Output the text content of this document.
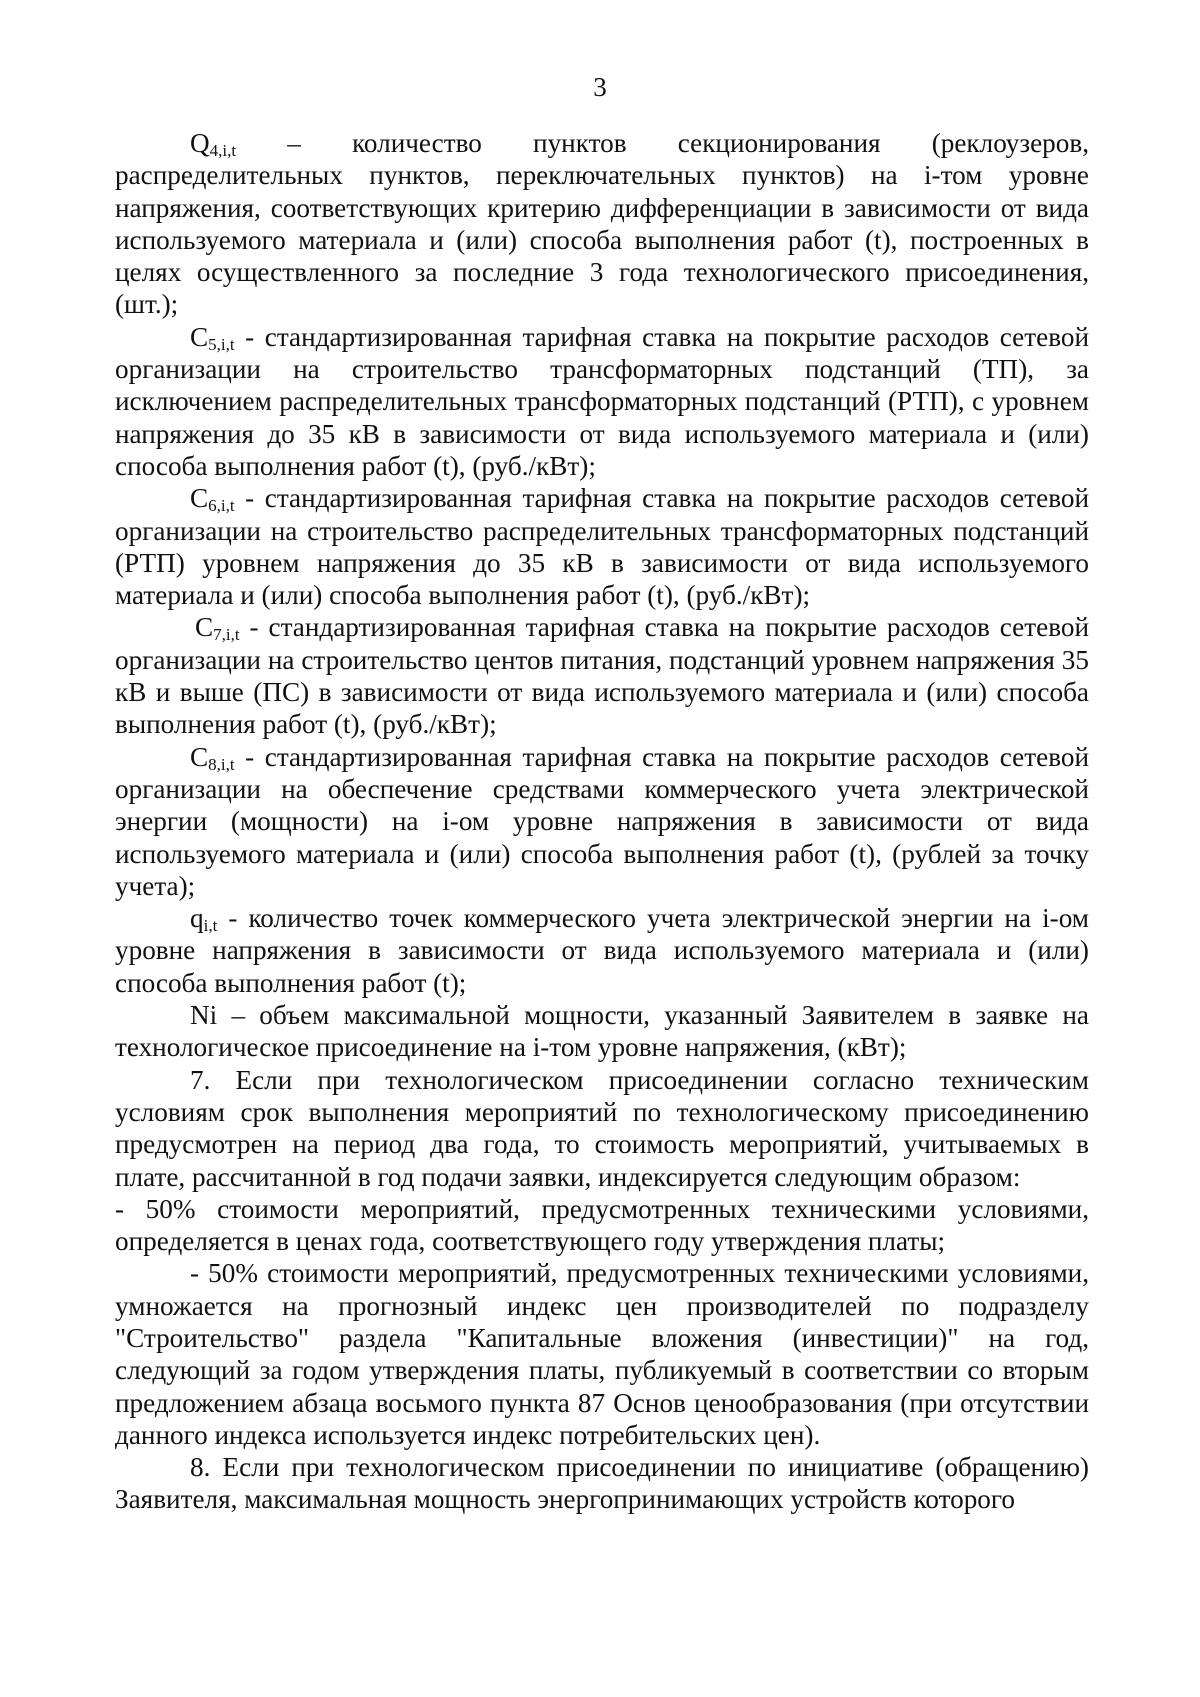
3

$Q_{4,i,t}$ – количество пунктов секционирования (реклоузеров, распределительных пунктов, переключательных пунктов) на i-том уровне напряжения, соответствующих критерию дифференциации в зависимости от вида используемого материала и (или) способа выполнения работ (t), построенных в целях осуществленного за последние 3 года технологического присоединения, (шт.);

$C_{5,i,t}$ - стандартизированная тарифная ставка на покрытие расходов сетевой организации на строительство трансформаторных подстанций (ТП), за исключением распределительных трансформаторных подстанций (РТП), с уровнем напряжения до 35 кВ в зависимости от вида используемого материала и (или) способа выполнения работ (t), (руб./кВт);

$C_{6,i,t}$ - стандартизированная тарифная ставка на покрытие расходов сетевой организации на строительство распределительных трансформаторных подстанций (РТП) уровнем напряжения до 35 кВ в зависимости от вида используемого материала и (или) способа выполнения работ (t), (руб./кВт);

$C_{7,i,t}$ - стандартизированная тарифная ставка на покрытие расходов сетевой организации на строительство центов питания, подстанций уровнем напряжения 35 кВ и выше (ПС) в зависимости от вида используемого материала и (или) способа выполнения работ (t), (руб./кВт);

$C_{8,i,t}$ - стандартизированная тарифная ставка на покрытие расходов сетевой организации на обеспечение средствами коммерческого учета электрической энергии (мощности) на i-ом уровне напряжения в зависимости от вида используемого материала и (или) способа выполнения работ (t), (рублей за точку учета);

$q_{i,t}$ - количество точек коммерческого учета электрической энергии на i-ом уровне напряжения в зависимости от вида используемого материала и (или) способа выполнения работ (t);

Ni – объем максимальной мощности, указанный Заявителем в заявке на технологическое присоединение на i-том уровне напряжения, (кВт);

7. Если при технологическом присоединении согласно техническим условиям срок выполнения мероприятий по технологическому присоединению предусмотрен на период два года, то стоимость мероприятий, учитываемых в плате, рассчитанной в год подачи заявки, индексируется следующим образом:

- 50% стоимости мероприятий, предусмотренных техническими условиями, определяется в ценах года, соответствующего году утверждения платы;

- 50% стоимости мероприятий, предусмотренных техническими условиями, умножается на прогнозный индекс цен производителей по подразделу "Строительство" раздела "Капитальные вложения (инвестиции)" на год, следующий за годом утверждения платы, публикуемый в соответствии со вторым предложением абзаца восьмого пункта 87 Основ ценообразования (при отсутствии данного индекса используется индекс потребительских цен).

8. Если при технологическом присоединении по инициативе (обращению) Заявителя, максимальная мощность энергопринимающих устройств которого
